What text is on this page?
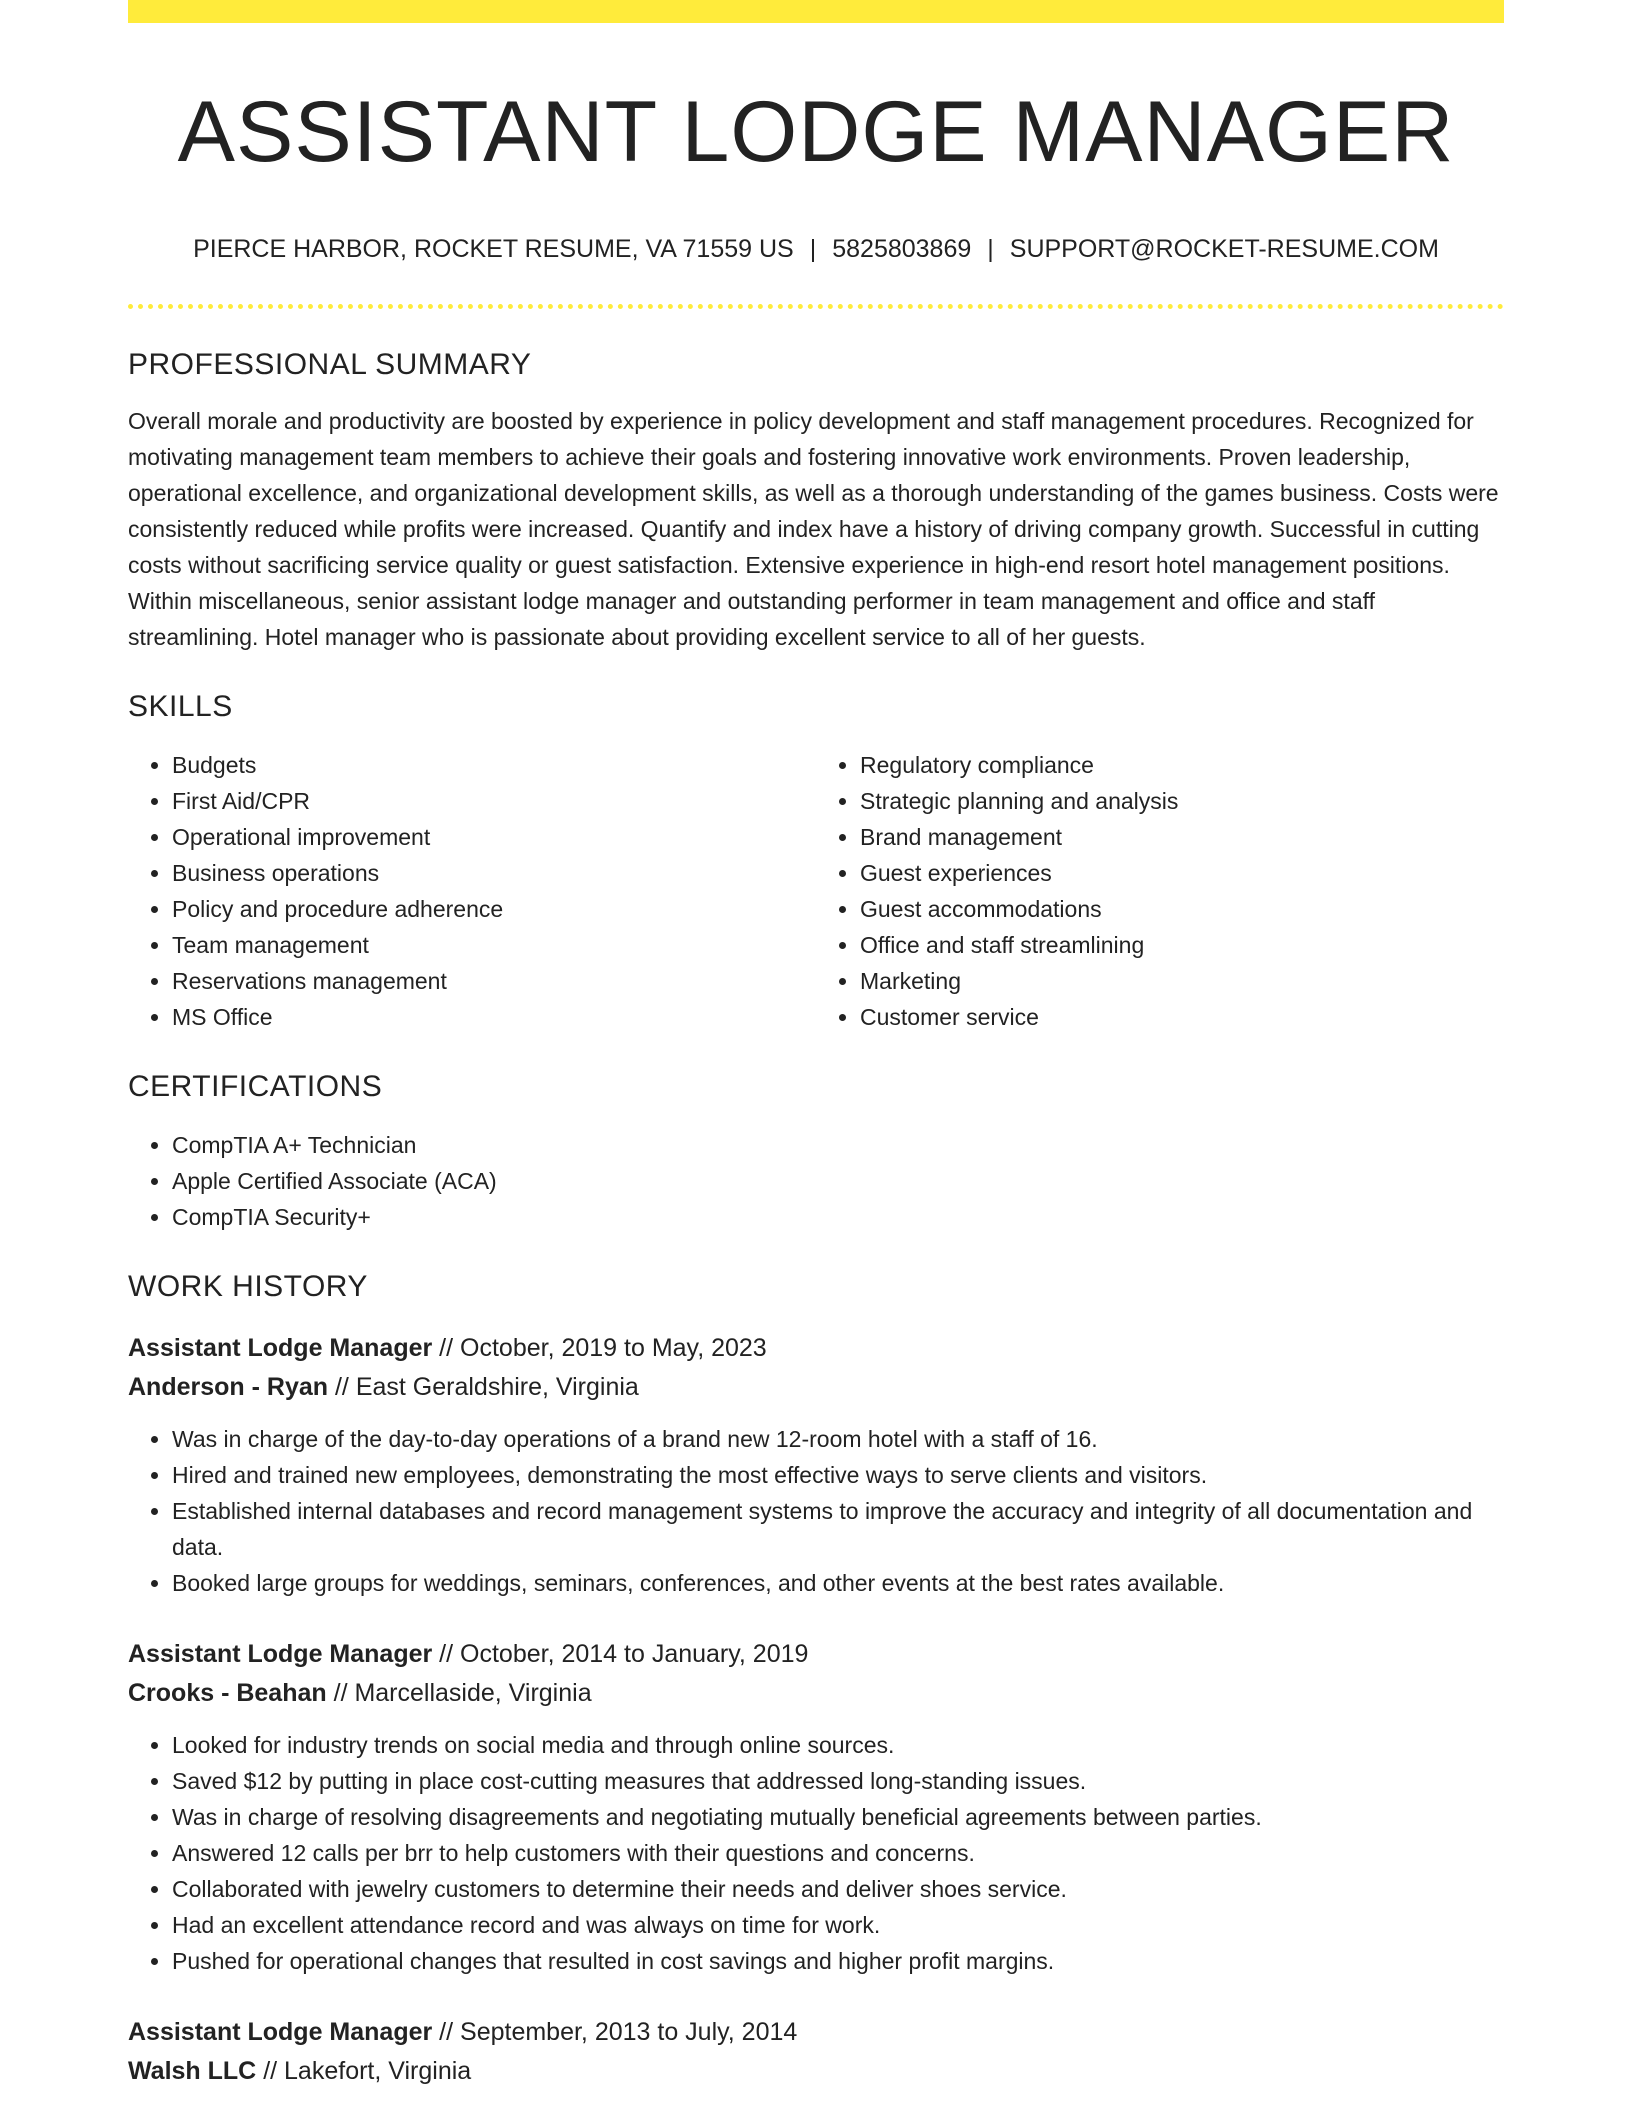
ASSISTANT LODGE MANAGER
PIERCE HARBOR, ROCKET RESUME, VA 71559 US | 5825803869 | SUPPORT@ROCKET-RESUME.COM
PROFESSIONAL SUMMARY

Overall morale and productivity are boosted by experience in policy development and staff management procedures. Recognized for motivating management team members to achieve their goals and fostering innovative work environments. Proven leadership, operational excellence, and organizational development skills, as well as a thorough understanding of the games business. Costs were consistently reduced while profits were increased. Quantify and index have a history of driving company growth. Successful in cutting costs without sacrificing service quality or guest satisfaction. Extensive experience in high-end resort hotel management positions. Within miscellaneous, senior assistant lodge manager and outstanding performer in team management and office and staff streamlining. Hotel manager who is passionate about providing excellent service to all of her guests.

SKILLS
• Budgets
• First Aid/CPR
• Operational improvement
• Business operations
• Policy and procedure adherence
• Team management
• Reservations management
• MS Office
• Regulatory compliance
• Strategic planning and analysis
• Brand management
• Guest experiences
• Guest accommodations
• Office and staff streamlining
• Marketing
• Customer service
CERTIFICATIONS
• CompTIA A+ Technician
• Apple Certified Associate (ACA)
• CompTIA Security+
WORK HISTORY
Assistant Lodge Manager // October, 2019 to May, 2023
Anderson - Ryan // East Geraldshire, Virginia
• Was in charge of the day-to-day operations of a brand new 12-room hotel with a staff of 16.
• Hired and trained new employees, demonstrating the most effective ways to serve clients and visitors.
• Established internal databases and record management systems to improve the accuracy and integrity of all documentation and data.
• Booked large groups for weddings, seminars, conferences, and other events at the best rates available.
Assistant Lodge Manager // October, 2014 to January, 2019
Crooks - Beahan // Marcellaside, Virginia
• Looked for industry trends on social media and through online sources.
• Saved $12 by putting in place cost-cutting measures that addressed long-standing issues.
• Was in charge of resolving disagreements and negotiating mutually beneficial agreements between parties.
• Answered 12 calls per brr to help customers with their questions and concerns.
• Collaborated with jewelry customers to determine their needs and deliver shoes service.
• Had an excellent attendance record and was always on time for work.
• Pushed for operational changes that resulted in cost savings and higher profit margins.
Assistant Lodge Manager // September, 2013 to July, 2014
Walsh LLC // Lakefort, Virginia
